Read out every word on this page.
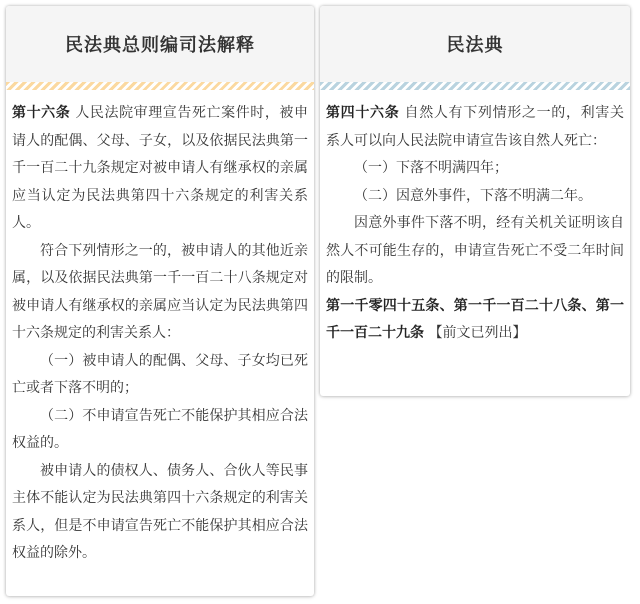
民法典总则编司法解释

第十六条 人民法院审理宣告死亡案件时，被申请人的配偶、父母、子女，以及依据民法典第一千一百二十九条规定对被申请人有继承权的亲属应当认定为民法典第四十六条规定的利害关系人。

符合下列情形之一的，被申请人的其他近亲属，以及依据民法典第一千一百二十八条规定对被申请人有继承权的亲属应当认定为民法典第四十六条规定的利害关系人：

（一）被申请人的配偶、父母、子女均已死亡或者下落不明的；

（二）不申请宣告死亡不能保护其相应合法权益的。

被申请人的债权人、债务人、合伙人等民事主体不能认定为民法典第四十六条规定的利害关系人，但是不申请宣告死亡不能保护其相应合法权益的除外。

民法典

第四十六条 自然人有下列情形之一的，利害关系人可以向人民法院申请宣告该自然人死亡：

（一）下落不明满四年；

（二）因意外事件，下落不明满二年。

因意外事件下落不明，经有关机关证明该自然人不可能生存的，申请宣告死亡不受二年时间的限制。

第一千零四十五条、第一千一百二十八条、第一千一百二十九条 【前文已列出】
